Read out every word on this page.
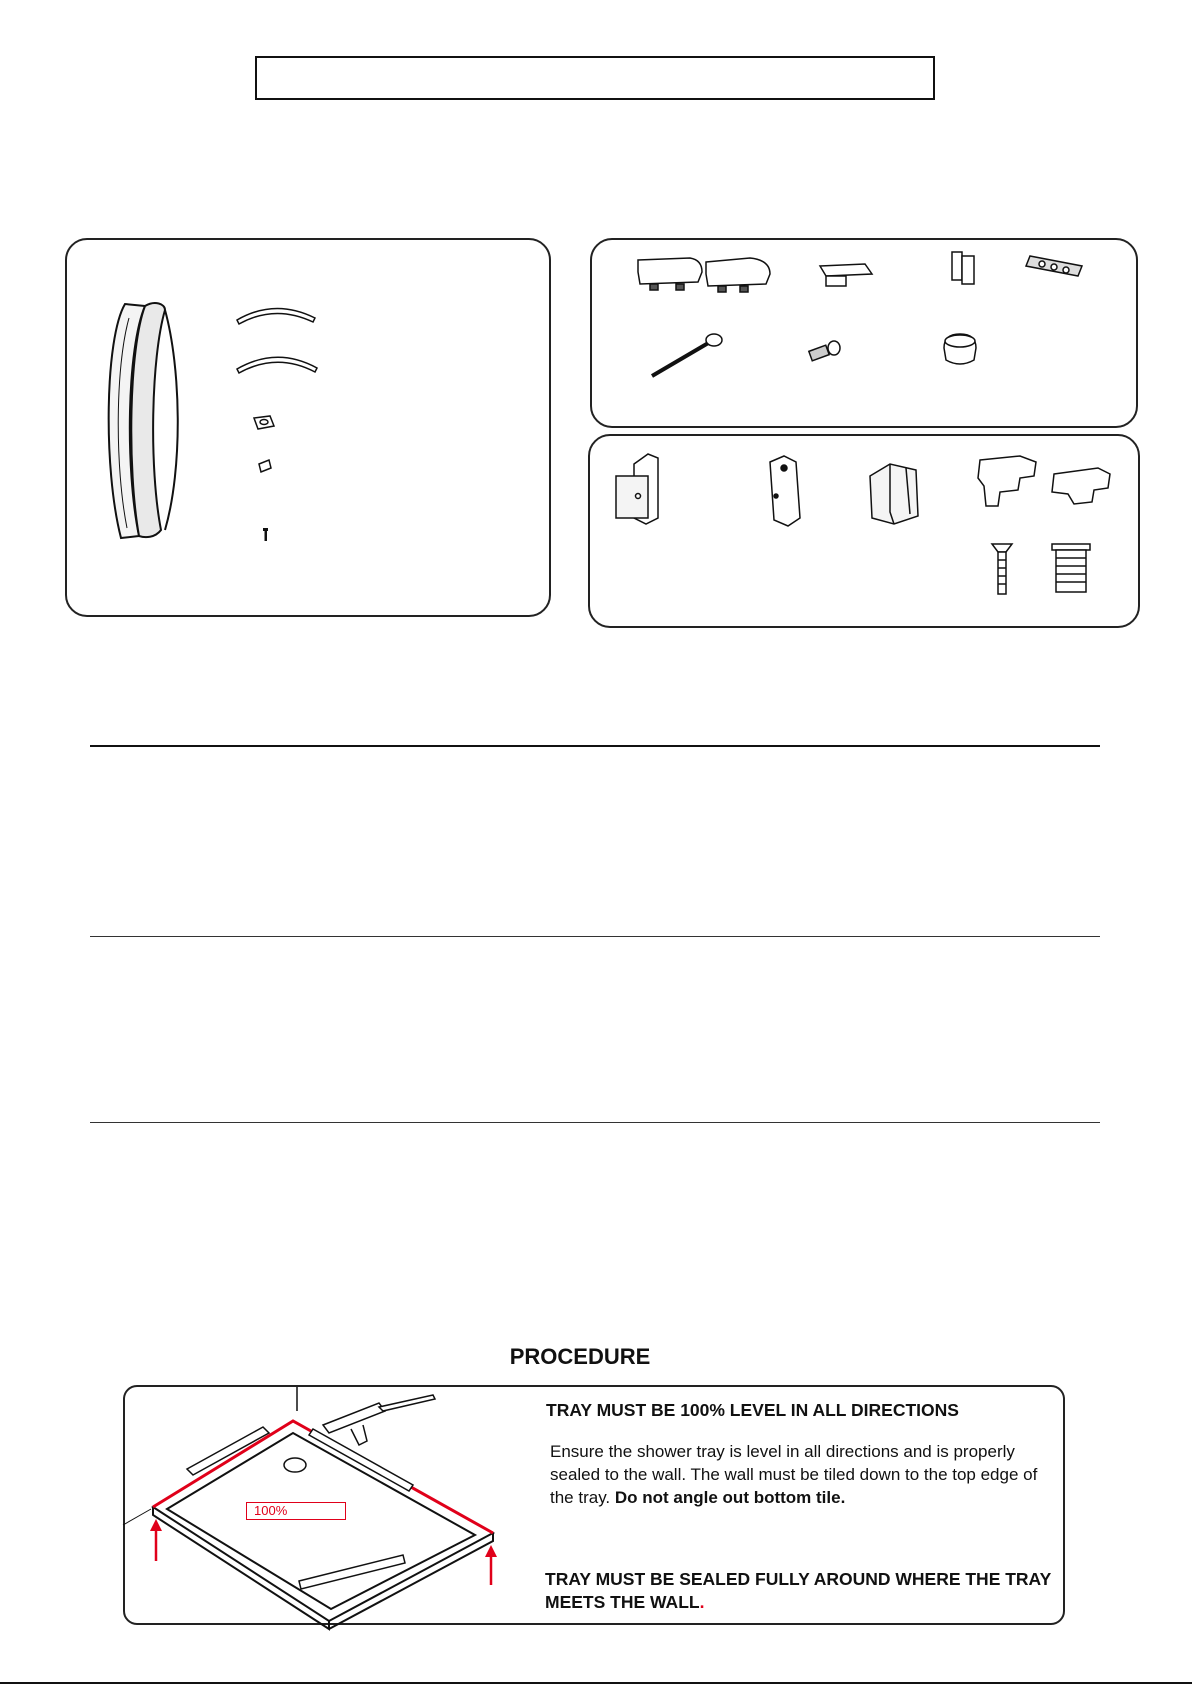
PROCEDURE
100%
TRAY MUST BE 100% LEVEL IN ALL DIRECTIONS
Ensure the shower tray is level in all directions and is properly sealed to the wall. The wall must be tiled down to the top edge of the tray. Do not angle out bottom tile.
TRAY MUST BE SEALED FULLY AROUND WHERE THE TRAY MEETS THE WALL.
